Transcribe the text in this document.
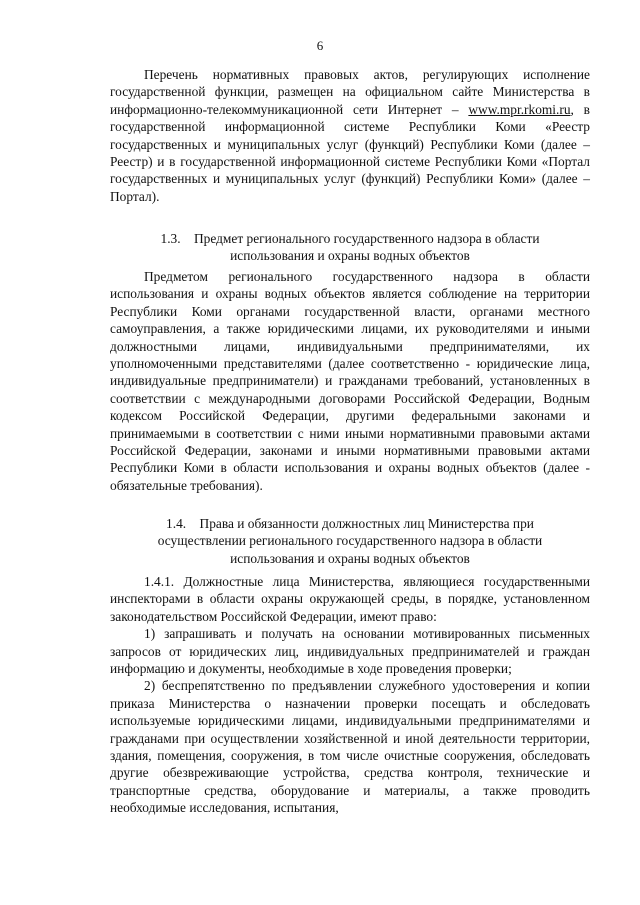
6

Перечень нормативных правовых актов, регулирующих исполнение государственной функции, размещен на официальном сайте Министерства в информационно-телекоммуникационной сети Интернет – www.mpr.rkomi.ru, в государственной информационной системе Республики Коми «Реестр государственных и муниципальных услуг (функций) Республики Коми (далее – Реестр) и в государственной информационной системе Республики Коми «Портал государственных и муниципальных услуг (функций) Республики Коми» (далее – Портал).

1.3.    Предмет регионального государственного надзора в области
использования и охраны водных объектов

Предметом регионального государственного надзора в области использования и охраны водных объектов является соблюдение на территории Республики Коми органами государственной власти, органами местного самоуправления, а также юридическими лицами, их руководителями и иными должностными лицами, индивидуальными предпринимателями, их уполномоченными представителями (далее соответственно - юридические лица, индивидуальные предприниматели) и гражданами требований, установленных в соответствии с международными договорами Российской Федерации, Водным кодексом Российской Федерации, другими федеральными законами и принимаемыми в соответствии с ними иными нормативными правовыми актами Российской Федерации, законами и иными нормативными правовыми актами Республики Коми в области использования и охраны водных объектов (далее - обязательные требования).

1.4.    Права и обязанности должностных лиц Министерства при
осуществлении регионального государственного надзора в области
использования и охраны водных объектов

1.4.1. Должностные лица Министерства, являющиеся государственными инспекторами в области охраны окружающей среды, в порядке, установленном законодательством Российской Федерации, имеют право:

1) запрашивать и получать на основании мотивированных письменных запросов от юридических лиц, индивидуальных предпринимателей и граждан информацию и документы, необходимые в ходе проведения проверки;

2) беспрепятственно по предъявлении служебного удостоверения и копии приказа Министерства о назначении проверки посещать и обследовать используемые юридическими лицами, индивидуальными предпринимателями и гражданами при осуществлении хозяйственной и иной деятельности территории, здания, помещения, сооружения, в том числе очистные сооружения, обследовать другие обезвреживающие устройства, средства контроля, технические и транспортные средства, оборудование и материалы, а также проводить необходимые исследования, испытания,
